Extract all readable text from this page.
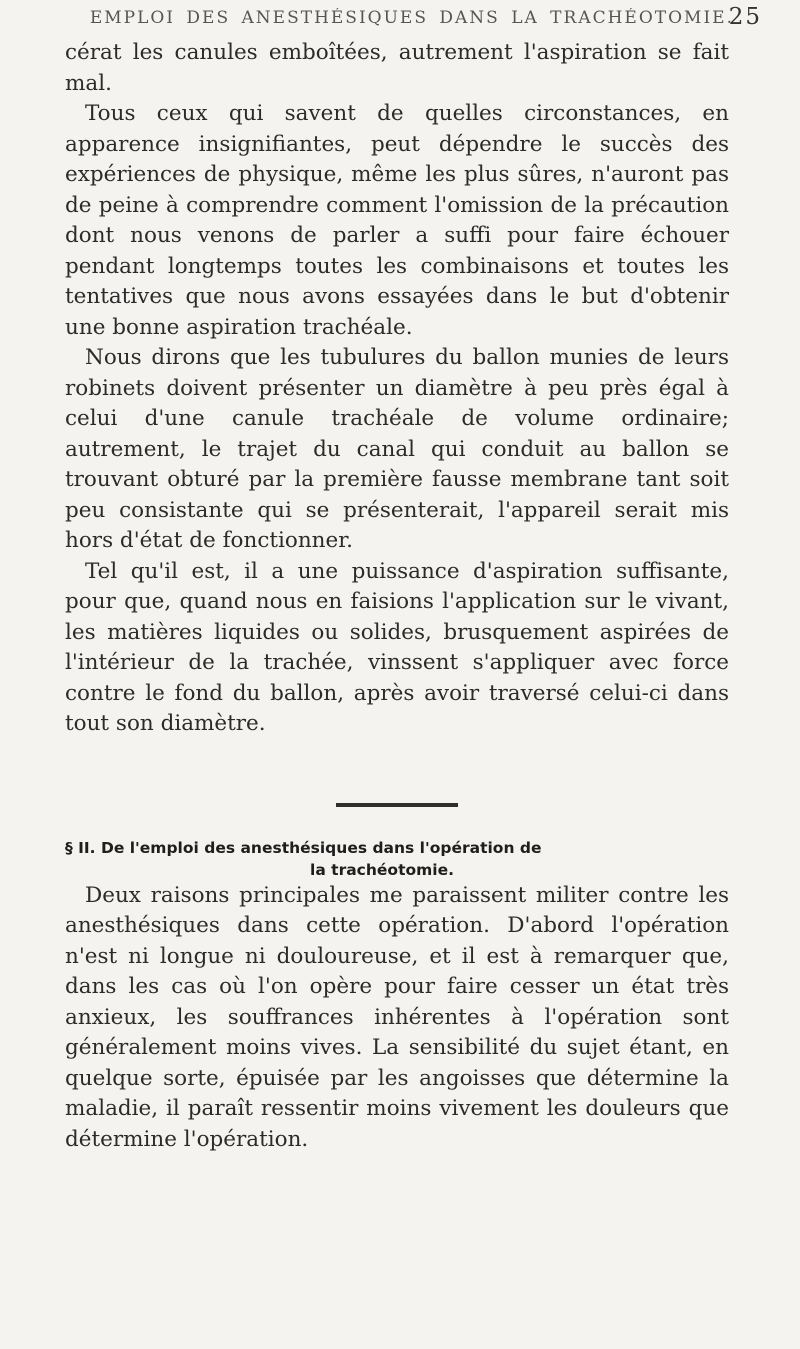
EMPLOI DES ANESTHÉSIQUES DANS LA TRACHÉOTOMIE.
25

cérat les canules emboîtées, autrement l'aspiration se fait mal.

Tous ceux qui savent de quelles circonstances, en apparence insignifiantes, peut dépendre le succès des expériences de physique, même les plus sûres, n'auront pas de peine à comprendre comment l'omission de la précaution dont nous venons de parler a suffi pour faire échouer pendant longtemps toutes les combinaisons et toutes les tentatives que nous avons essayées dans le but d'obtenir une bonne aspiration trachéale.

Nous dirons que les tubulures du ballon munies de leurs robinets doivent présenter un diamètre à peu près égal à celui d'une canule trachéale de volume ordinaire; autrement, le trajet du canal qui conduit au ballon se trouvant obturé par la première fausse membrane tant soit peu consistante qui se présenterait, l'appareil serait mis hors d'état de fonctionner.

Tel qu'il est, il a une puissance d'aspiration suffisante, pour que, quand nous en faisions l'application sur le vivant, les matières liquides ou solides, brusquement aspirées de l'intérieur de la trachée, vinssent s'appliquer avec force contre le fond du ballon, après avoir traversé celui-ci dans tout son diamètre.

§ II. De l'emploi des anesthésiques dans l'opération de
la trachéotomie.

Deux raisons principales me paraissent militer contre les anesthésiques dans cette opération. D'abord l'opération n'est ni longue ni douloureuse, et il est à remarquer que, dans les cas où l'on opère pour faire cesser un état très anxieux, les souffrances inhérentes à l'opération sont généralement moins vives. La sensibilité du sujet étant, en quelque sorte, épuisée par les angoisses que détermine la maladie, il paraît ressentir moins vivement les douleurs que détermine l'opération.
